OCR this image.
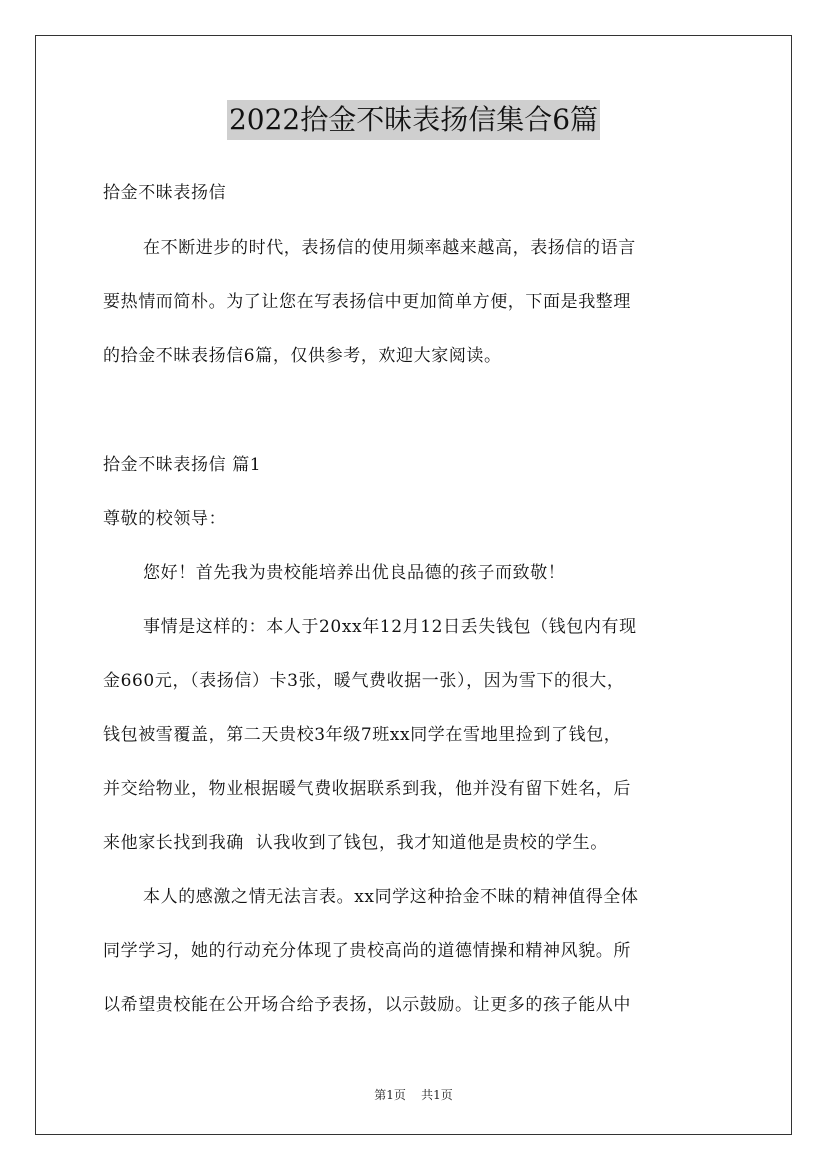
2022拾金不昧表扬信集合6篇
拾金不昧表扬信
在不断进步的时代，表扬信的使用频率越来越高，表扬信的语言
要热情而简朴。为了让您在写表扬信中更加简单方便，下面是我整理
的拾金不昧表扬信6篇，仅供参考，欢迎大家阅读。
拾金不昧表扬信 篇1
尊敬的校领导：
您好！首先我为贵校能培养出优良品德的孩子而致敬！
事情是这样的：本人于20xx年12月12日丢失钱包（钱包内有现
金660元，（表扬信）卡3张，暖气费收据一张），因为雪下的很大，
钱包被雪覆盖，第二天贵校3年级7班xx同学在雪地里捡到了钱包，
并交给物业，物业根据暖气费收据联系到我，他并没有留下姓名，后
来他家长找到我确  认我收到了钱包，我才知道他是贵校的学生。
本人的感激之情无法言表。xx同学这种拾金不昧的精神值得全体
同学学习，她的行动充分体现了贵校高尚的道德情操和精神风貌。所
以希望贵校能在公开场合给予表扬，以示鼓励。让更多的孩子能从中
第1页 共1页
